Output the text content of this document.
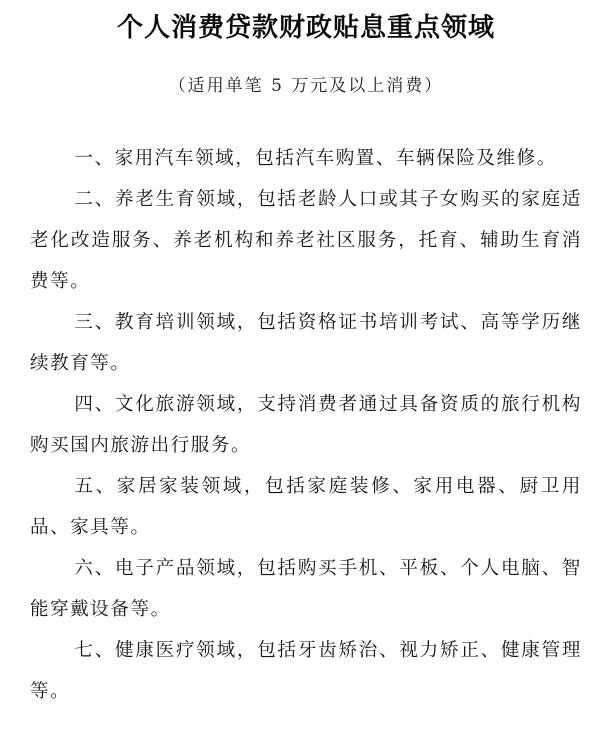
个人消费贷款财政贴息重点领域

（适用单笔 5 万元及以上消费）

一、家用汽车领域，包括汽车购置、车辆保险及维修。

二、养老生育领域，包括老龄人口或其子女购买的家庭适老化改造服务、养老机构和养老社区服务，托育、辅助生育消费等。

三、教育培训领域，包括资格证书培训考试、高等学历继续教育等。

四、文化旅游领域，支持消费者通过具备资质的旅行机构购买国内旅游出行服务。

五、家居家装领域，包括家庭装修、家用电器、厨卫用品、家具等。

六、电子产品领域，包括购买手机、平板、个人电脑、智能穿戴设备等。

七、健康医疗领域，包括牙齿矫治、视力矫正、健康管理等。
